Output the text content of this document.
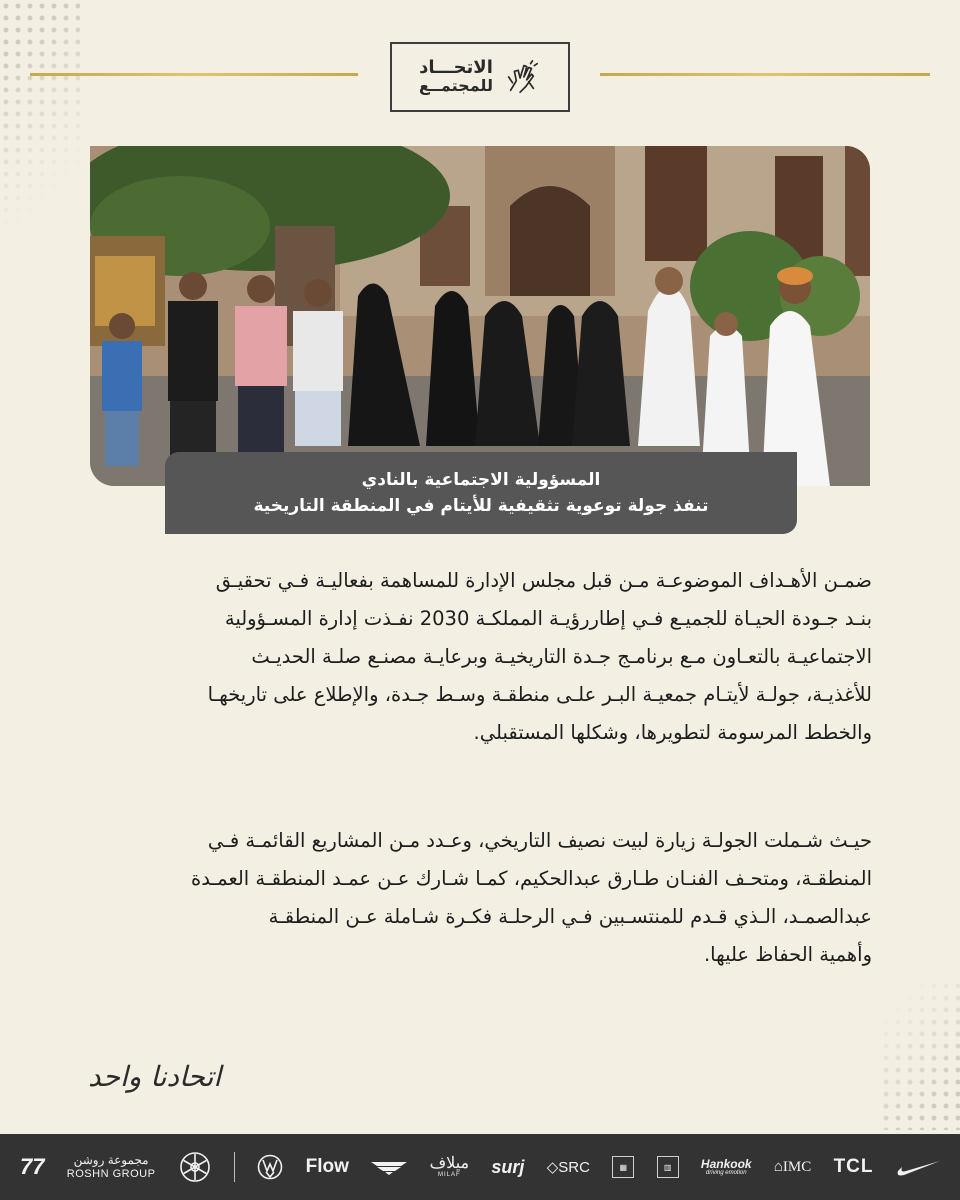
الاتحـــاد
للمجتمــع
المسؤولية الاجتماعية بالنادي
تنفذ جولة توعوية تثقيفية للأيتام في المنطقة التاريخية
ضمـن الأهـداف الموضوعـة مـن قبل مجلس الإدارة للمساهمة بفعاليـة فـي تحقيـق
بنـد جـودة الحيـاة للجميـع فـي إطاررؤيـة المملكـة 2030 نفـذت إدارة المسـؤولية
الاجتماعيـة بالتعـاون مـع برنامـج جـدة التاريخيـة وبرعايـة مصنـع صلـة الحديـث
للأغذيـة، جولـة لأيتـام جمعيـة البـر علـى منطقـة وسـط جـدة، والإطلاع على تاريخهـا
والخطط المرسومة لتطويرها، وشكلها المستقبلي.
حيـث شـملت الجولـة زيارة لبيت نصيف التاريخي، وعـدد مـن المشاريع القائمـة فـي
المنطقـة، ومتحـف الفنـان طـارق عبدالحكيم، كمـا شـارك عـن عمـد المنطقـة العمـدة
عبدالصمـد، الـذي قـدم للمنتسـبين فـي الرحلـة فكـرة شـاملة عـن المنطقـة
وأهمية الحفاظ عليها.
اتحادنا واحد
77 مجموعة روشن
ROSHN GROUP	Flow	ميلاف
MILAF surj ◇ SRC	▦	▥	Hankook
driving emotion ⌂ IMC TCL
